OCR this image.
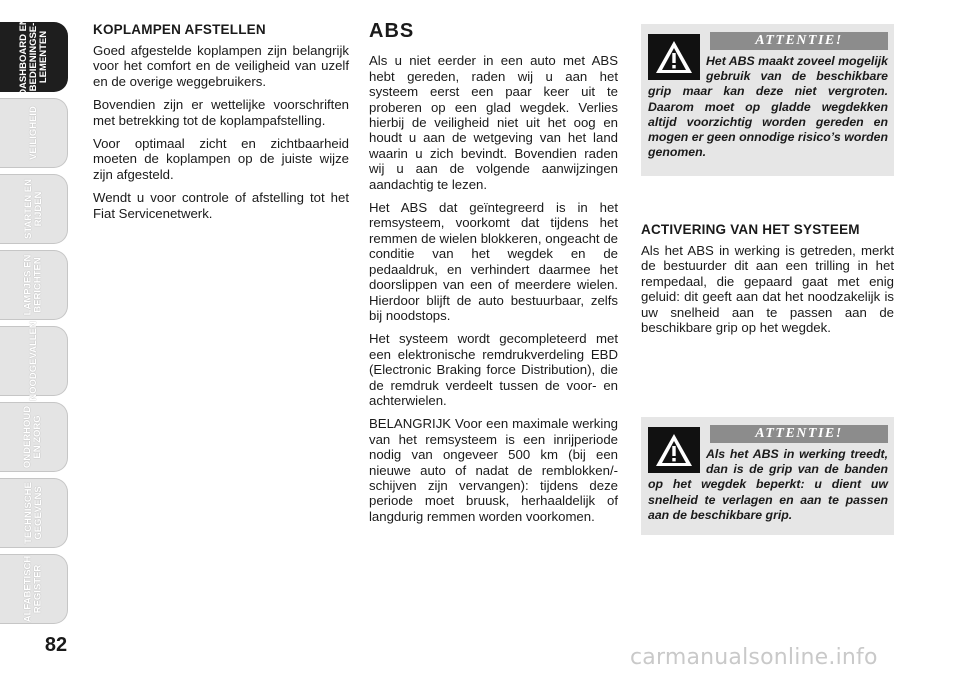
DASHBOARD EN
BEDIENINGSE-
LEMENTEN
VEILIGHEID
STARTEN EN
RIJDEN
LAMPJES EN
BERICHTEN
NOODGEVALLEN
ONDERHOUD
EN ZORG
TECHNISCHE
GEGEVENS
ALFABETISCH
REGISTER
82
KOPLAMPEN AFSTELLEN

Goed afgestelde koplampen zijn belangrijk voor het comfort en de veiligheid van uzelf en de overige weggebruikers.

Bovendien zijn er wettelijke voorschriften met betrekking tot de koplampafstelling.

Voor optimaal zicht en zichtbaarheid moeten de koplampen op de juiste wijze zijn afgesteld.

Wendt u voor controle of afstelling tot het Fiat Servicenetwerk.

ABS

Als u niet eerder in een auto met ABS hebt gereden, raden wij u aan het systeem eerst een paar keer uit te proberen op een glad wegdek. Verlies hierbij de veiligheid niet uit het oog en houdt u aan de wetgeving van het land waarin u zich bevindt. Bovendien raden wij u aan de volgende aanwijzingen aandachtig te lezen.

Het ABS dat geïntegreerd is in het remsysteem, voorkomt dat tijdens het remmen de wielen blokkeren, ongeacht de conditie van het wegdek en de pedaaldruk, en verhindert daarmee het doorslippen van een of meerdere wielen. Hierdoor blijft de auto bestuurbaar, zelfs bij noodstops.

Het systeem wordt gecompleteerd met een elektronische remdrukverdeling EBD (Electronic Braking force Distribution), die de remdruk verdeelt tussen de voor- en achterwielen.

BELANGRIJK Voor een maximale werking van het remsysteem is een inrijperiode nodig van ongeveer 500 km (bij een nieuwe auto of nadat de remblokken/-schijven zijn vervangen): tijdens deze periode moet bruusk, herhaaldelijk of langdurig remmen worden voorkomen.

ATTENTIE!

Het ABS maakt zoveel mogelijk gebruik van de beschikbare grip maar kan deze niet vergroten. Daarom moet op gladde wegdekken altijd voorzichtig worden gereden en mogen er geen onnodige risico’s worden genomen.

ACTIVERING VAN HET SYSTEEM

Als het ABS in werking is getreden, merkt de bestuurder dit aan een trilling in het rempedaal, die gepaard gaat met enig geluid: dit geeft aan dat het noodzakelijk is uw snelheid aan te passen aan de beschikbare grip op het wegdek.

ATTENTIE!

Als het ABS in werking treedt, dan is de grip van de banden op het wegdek beperkt: u dient uw snelheid te verlagen en aan te passen aan de beschikbare grip.

carmanualsonline.info
